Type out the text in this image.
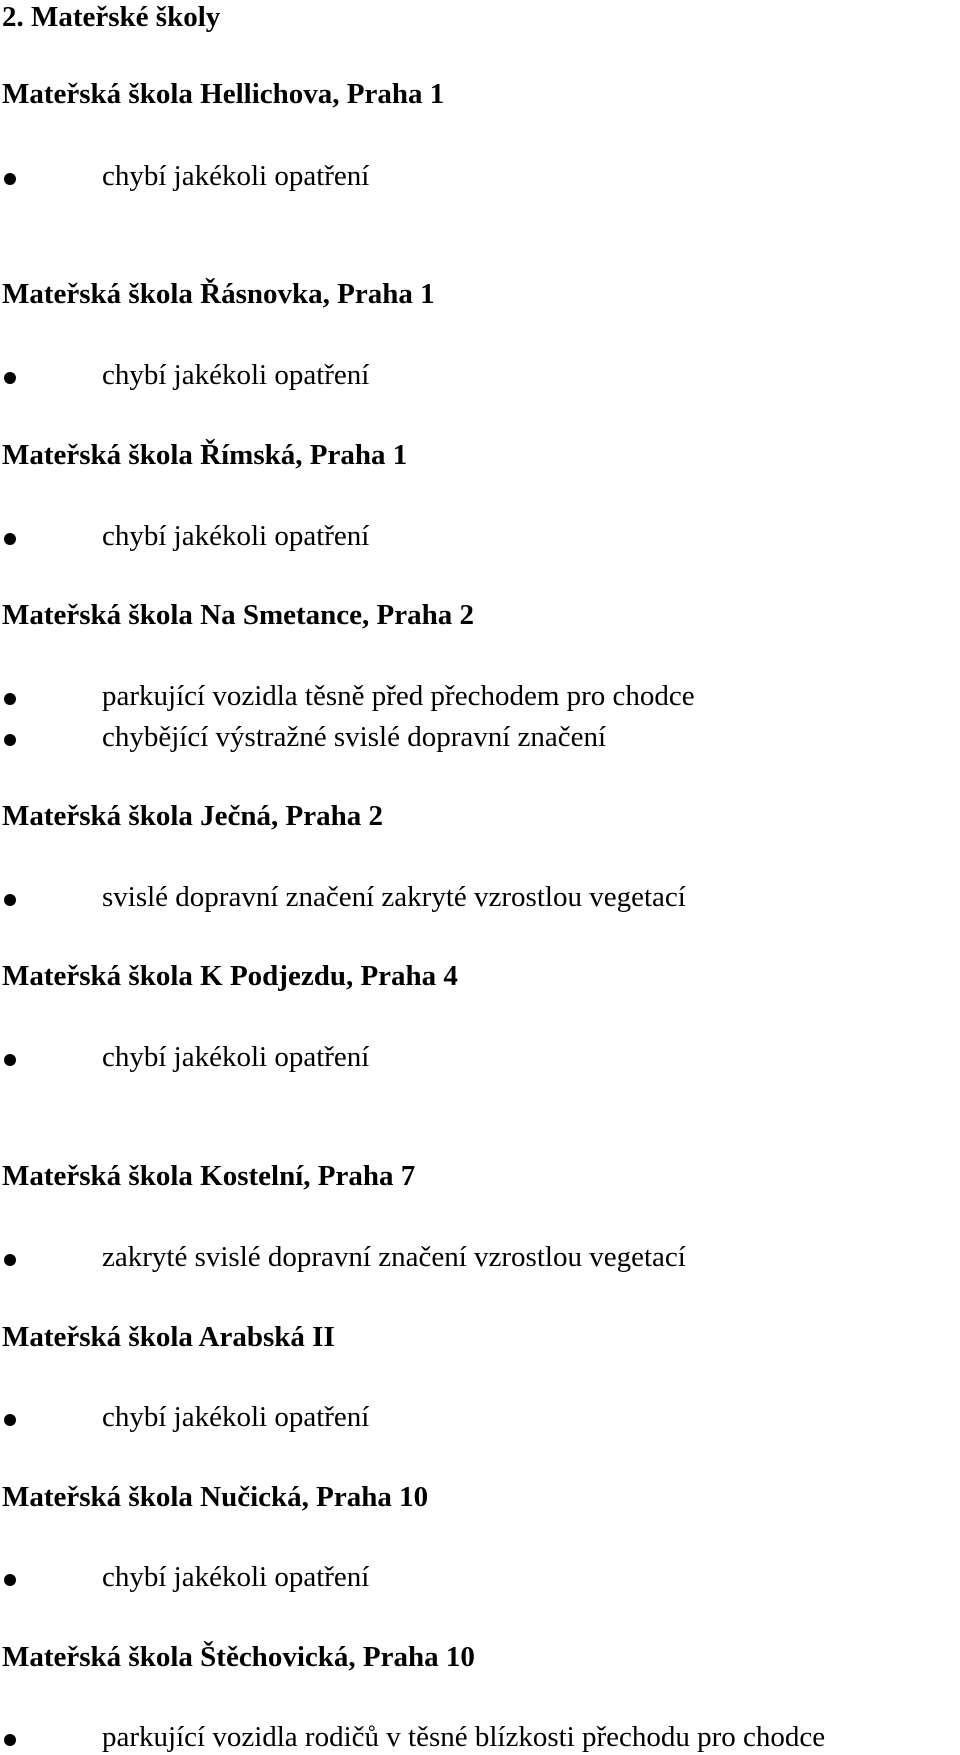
2. Mateřské školy
Mateřská škola Hellichova, Praha 1
chybí jakékoli opatření
Mateřská škola Řásnovka, Praha 1
chybí jakékoli opatření
Mateřská škola Římská, Praha 1
chybí jakékoli opatření
Mateřská škola Na Smetance, Praha 2
parkující vozidla těsně před přechodem pro chodce
chybějící výstražné svislé dopravní značení
Mateřská škola Ječná, Praha 2
svislé dopravní značení zakryté vzrostlou vegetací
Mateřská škola K Podjezdu, Praha 4
chybí jakékoli opatření
Mateřská škola Kostelní, Praha 7
zakryté svislé dopravní značení vzrostlou vegetací
Mateřská škola Arabská II
chybí jakékoli opatření
Mateřská škola Nučická, Praha 10
chybí jakékoli opatření
Mateřská škola Štěchovická, Praha 10
parkující vozidla rodičů v těsné blízkosti přechodu pro chodce
